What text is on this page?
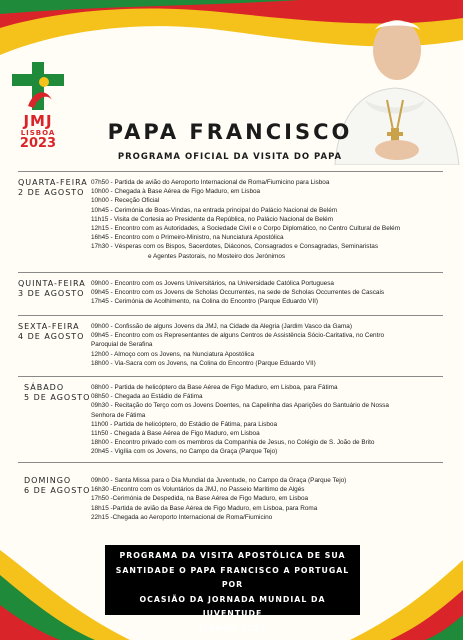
JMJ
LISBOA
2023	PAPA FRANCISCO
PROGRAMA OFICIAL DA VISITA DO PAPA
QUARTA-FEIRA
2 DE AGOSTO
07h50 - Partida de avião do Aeroporto Internacional de Roma/Fiumicino para Lisboa
10h00 - Chegada à Base Aérea de Figo Maduro, em Lisboa
10h00 - Receção Oficial
10h45 - Cerimónia de Boas-Vindas, na entrada principal do Palácio Nacional de Belém
11h15 - Visita de Cortesia ao Presidente da República, no Palácio Nacional de Belém
12h15 - Encontro com as Autoridades, a Sociedade Civil e o Corpo Diplomático, no Centro Cultural de Belém
16h45 - Encontro com o Primeiro-Ministro, na Nunciatura Apostólica
17h30 - Vésperas com os Bispos, Sacerdotes, Diáconos, Consagrados e Consagradas, Seminaristas
e Agentes Pastorais, no Mosteiro dos Jerónimos
QUINTA-FEIRA
3 DE AGOSTO
09h00 - Encontro com os Jovens Universitários, na Universidade Católica Portuguesa
09h45 - Encontro com os Jovens de Scholas Occurrentes, na sede de Scholas Occurrentes de Cascais
17h45 - Cerimónia de Acolhimento, na Colina do Encontro (Parque Eduardo VII)
SEXTA-FEIRA
4 DE AGOSTO
09h00 - Confissão de alguns Jovens da JMJ, na Cidade da Alegria (Jardim Vasco da Gama)
09h45 - Encontro com os Representantes de alguns Centros de Assistência Sócio-Caritativa, no Centro
Paroquial de Serafina
12h00 - Almoço com os Jovens, na Nunciatura Apostólica
18h00 - Via-Sacra com os Jovens, na Colina do Encontro (Parque Eduardo VII)
SÁBADO
5 DE AGOSTO
08h00 - Partida de helicóptero da Base Aérea de Figo Maduro, em Lisboa, para Fátima
08h50 - Chegada ao Estádio de Fátima
09h30 - Recitação do Terço com os Jovens Doentes, na Capelinha das Aparições do Santuário de Nossa
Senhora de Fátima
11h00 - Partida de helicóptero, do Estádio de Fátima, para Lisboa
11h50 - Chegada à Base Aérea de Figo Maduro, em Lisboa
18h00 - Encontro privado com os membros da Companhia de Jesus, no Colégio de S. João de Brito
20h45 - Vigília com os Jovens, no Campo da Graça (Parque Tejo)
DOMINGO
6 DE AGOSTO
09h00 - Santa Missa para o Dia Mundial da Juventude, no Campo da Graça (Parque Tejo)
16h30 -Encontro com os Voluntários da JMJ, no Passeio Marítimo de Algés
17h50 -Cerimónia de Despedida, na Base Aérea de Figo Maduro, em Lisboa
18h15 -Partida de avião da Base Aérea de Figo Maduro, em Lisboa, para Roma
22h15 -Chegada ao Aeroporto Internacional de Roma/Fiumicino
PROGRAMA DA VISITA APOSTÓLICA DE SUA
SANTIDADE O PAPA FRANCISCO A PORTUGAL POR
OCASIÃO DA JORNADA MUNDIAL DA JUVENTUDE
LISBOA 2023
